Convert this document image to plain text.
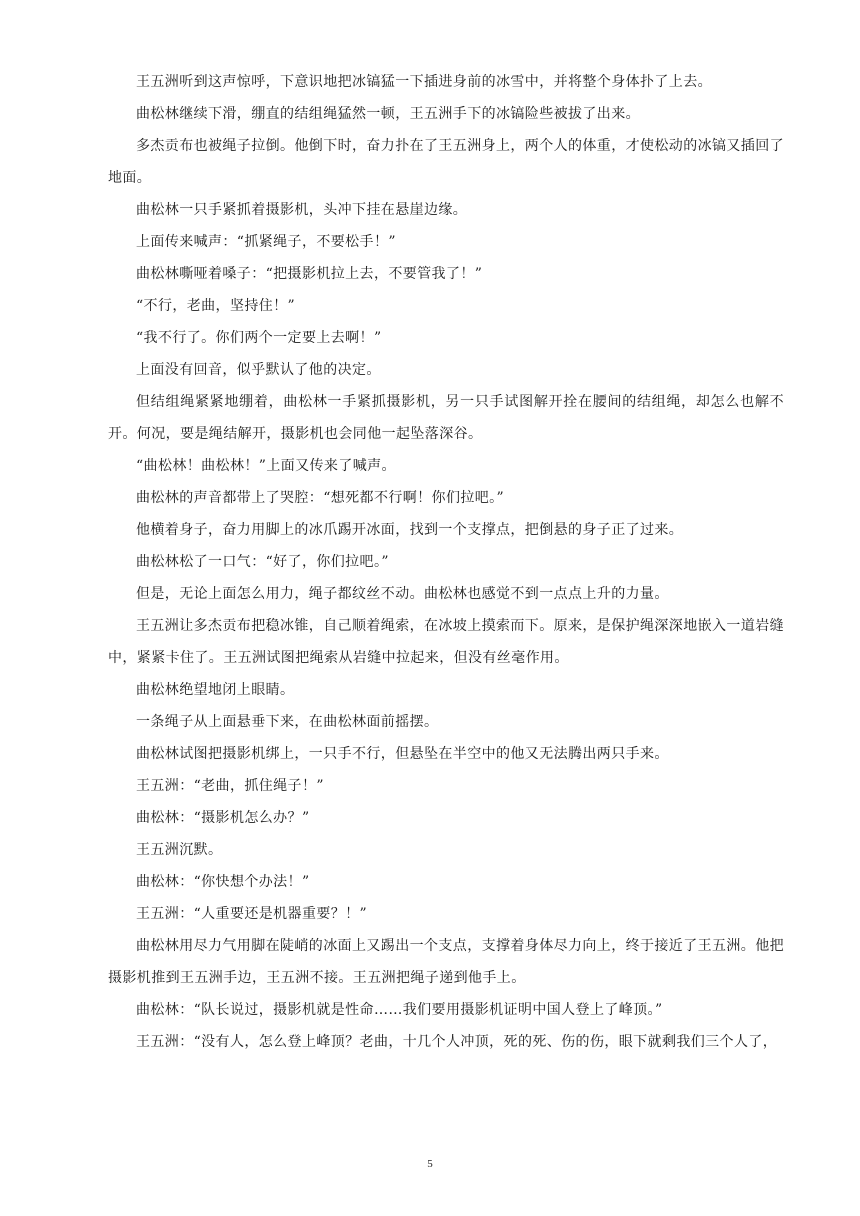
王五洲听到这声惊呼，下意识地把冰镐猛一下插进身前的冰雪中，并将整个身体扑了上去。

曲松林继续下滑，绷直的结组绳猛然一顿，王五洲手下的冰镐险些被拔了出来。

多杰贡布也被绳子拉倒。他倒下时，奋力扑在了王五洲身上，两个人的体重，才使松动的冰镐又插回了地面。

曲松林一只手紧抓着摄影机，头冲下挂在悬崖边缘。

上面传来喊声：“抓紧绳子，不要松手！”

曲松林嘶哑着嗓子：“把摄影机拉上去，不要管我了！”

“不行，老曲，坚持住！”

“我不行了。你们两个一定要上去啊！”

上面没有回音，似乎默认了他的决定。

但结组绳紧紧地绷着，曲松林一手紧抓摄影机，另一只手试图解开拴在腰间的结组绳，却怎么也解不开。何况，要是绳结解开，摄影机也会同他一起坠落深谷。

“曲松林！曲松林！”上面又传来了喊声。

曲松林的声音都带上了哭腔：“想死都不行啊！你们拉吧。”

他横着身子，奋力用脚上的冰爪踢开冰面，找到一个支撑点，把倒悬的身子正了过来。

曲松林松了一口气：“好了，你们拉吧。”

但是，无论上面怎么用力，绳子都纹丝不动。曲松林也感觉不到一点点上升的力量。

王五洲让多杰贡布把稳冰锥，自己顺着绳索，在冰坡上摸索而下。原来，是保护绳深深地嵌入一道岩缝中，紧紧卡住了。王五洲试图把绳索从岩缝中拉起来，但没有丝毫作用。

曲松林绝望地闭上眼睛。

一条绳子从上面悬垂下来，在曲松林面前摇摆。

曲松林试图把摄影机绑上，一只手不行，但悬坠在半空中的他又无法腾出两只手来。

王五洲：“老曲，抓住绳子！”

曲松林：“摄影机怎么办？”

王五洲沉默。

曲松林：“你快想个办法！”

王五洲：“人重要还是机器重要？！”

曲松林用尽力气用脚在陡峭的冰面上又踢出一个支点，支撑着身体尽力向上，终于接近了王五洲。他把摄影机推到王五洲手边，王五洲不接。王五洲把绳子递到他手上。

曲松林：“队长说过，摄影机就是性命……我们要用摄影机证明中国人登上了峰顶。”

王五洲：“没有人，怎么登上峰顶？老曲，十几个人冲顶，死的死、伤的伤，眼下就剩我们三个人了，

5
